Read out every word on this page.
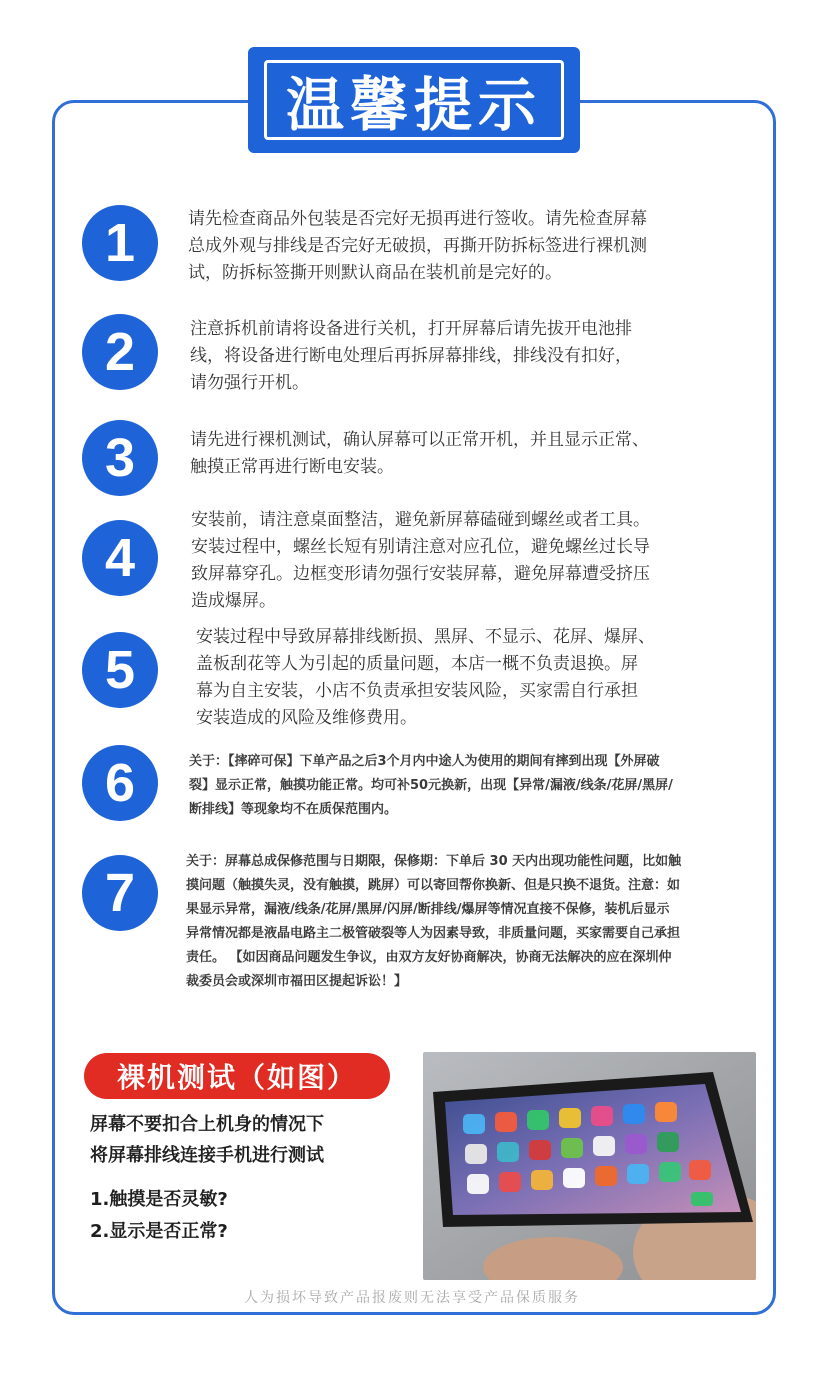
温馨提示
1	请先检查商品外包装是否完好无损再进行签收。请先检查屏幕
总成外观与排线是否完好无破损，再撕开防拆标签进行裸机测
试，防拆标签撕开则默认商品在装机前是完好的。
2	注意拆机前请将设备进行关机，打开屏幕后请先拔开电池排
线，将设备进行断电处理后再拆屏幕排线，排线没有扣好，
请勿强行开机。
3	请先进行裸机测试，确认屏幕可以正常开机，并且显示正常、
触摸正常再进行断电安装。
4
安装前，请注意桌面整洁，避免新屏幕磕碰到螺丝或者工具。
安装过程中，螺丝长短有别请注意对应孔位，避免螺丝过长导
致屏幕穿孔。边框变形请勿强行安装屏幕，避免屏幕遭受挤压
造成爆屏。
5
安装过程中导致屏幕排线断损、黑屏、不显示、花屏、爆屏、
盖板刮花等人为引起的质量问题，本店一概不负责退换。屏
幕为自主安装，小店不负责承担安装风险，买家需自行承担
安装造成的风险及维修费用。
6	关于：【摔碎可保】下单产品之后3个月内中途人为使用的期间有摔到出现【外屏破
裂】显示正常，触摸功能正常。均可补50元换新，出现【异常/漏液/线条/花屏/黑屏/
断排线】等现象均不在质保范围内。
7
关于：屏幕总成保修范围与日期限，保修期：下单后 30 天内出现功能性问题，比如触
摸问题（触摸失灵，没有触摸，跳屏）可以寄回帮你换新、但是只换不退货。注意：如
果显示异常，漏液/线条/花屏/黑屏/闪屏/断排线/爆屏等情况直接不保修，装机后显示
异常情况都是液晶电路主二极管破裂等人为因素导致，非质量问题，买家需要自己承担
责任。 【如因商品问题发生争议，由双方友好协商解决，协商无法解决的应在深圳仲
裁委员会或深圳市福田区提起诉讼！】
裸机测试（如图）
屏幕不要扣合上机身的情况下
将屏幕排线连接手机进行测试
1.触摸是否灵敏?
2.显示是否正常?
人为损坏导致产品报废则无法享受产品保质服务
